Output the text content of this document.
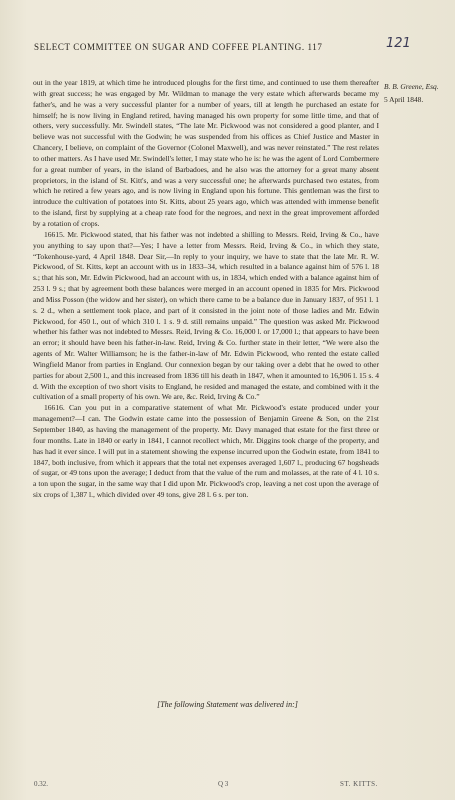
SELECT COMMITTEE ON SUGAR AND COFFEE PLANTING. 117	121
B. B. Greene, Esq.
5 April 1848.

out in the year 1819, at which time he introduced ploughs for the first time, and continued to use them thereafter with great success; he was engaged by Mr. Wildman to manage the very estate which afterwards became my father's, and he was a very successful planter for a number of years, till at length he purchased an estate for himself; he is now living in England retired, having managed his own property for some little time, and that of others, very successfully. Mr. Swindell states, “The late Mr. Pickwood was not considered a good planter, and I believe was not successful with the Godwin; he was suspended from his offices as Chief Justice and Master in Chancery, I believe, on complaint of the Governor (Colonel Maxwell), and was never reinstated.” The rest relates to other matters. As I have used Mr. Swindell's letter, I may state who he is: he was the agent of Lord Combermere for a great number of years, in the island of Barbadoes, and he also was the attorney for a great many absent proprietors, in the island of St. Kitt's, and was a very successful one; he afterwards purchased two estates, from which he retired a few years ago, and is now living in England upon his fortune. This gentleman was the first to introduce the cultivation of potatoes into St. Kitts, about 25 years ago, which was attended with immense benefit to the island, first by supplying at a cheap rate food for the negroes, and next in the great improvement afforded by a rotation of crops.

16615. Mr. Pickwood stated, that his father was not indebted a shilling to Messrs. Reid, Irving & Co., have you anything to say upon that?—Yes; I have a letter from Messrs. Reid, Irving & Co., in which they state, “Tokenhouse-yard, 4 April 1848. Dear Sir,—In reply to your inquiry, we have to state that the late Mr. R. W. Pickwood, of St. Kitts, kept an account with us in 1833–34, which resulted in a balance against him of 576 l. 18 s.; that his son, Mr. Edwin Pickwood, had an account with us, in 1834, which ended with a balance against him of 253 l. 9 s.; that by agreement both these balances were merged in an account opened in 1835 for Mrs. Pickwood and Miss Posson (the widow and her sister), on which there came to be a balance due in January 1837, of 951 l. 1 s. 2 d., when a settlement took place, and part of it consisted in the joint note of those ladies and Mr. Edwin Pickwood, for 450 l., out of which 310 l. 1 s. 9 d. still remains unpaid.” The question was asked Mr. Pickwood whether his father was not indebted to Messrs. Reid, Irving & Co. 16,000 l. or 17,000 l.; that appears to have been an error; it should have been his father-in-law. Reid, Irving & Co. further state in their letter, “We were also the agents of Mr. Walter Williamson; he is the father-in-law of Mr. Edwin Pickwood, who rented the estate called Wingfield Manor from parties in England. Our connexion began by our taking over a debt that he owed to other parties for about 2,500 l., and this increased from 1836 till his death in 1847, when it amounted to 16,906 l. 15 s. 4 d. With the exception of two short visits to England, he resided and managed the estate, and combined with it the cultivation of a small property of his own. We are, &c. Reid, Irving & Co.”

16616. Can you put in a comparative statement of what Mr. Pickwood's estate produced under your management?—I can. The Godwin estate came into the possession of Benjamin Greene & Son, on the 21st September 1840, as having the management of the property. Mr. Davy managed that estate for the first three or four months. Late in 1840 or early in 1841, I cannot recollect which, Mr. Diggins took charge of the property, and has had it ever since. I will put in a statement showing the expense incurred upon the Godwin estate, from 1841 to 1847, both inclusive, from which it appears that the total net expenses averaged 1,607 l., producing 67 hogsheads of sugar, or 49 tons upon the average; I deduct from that the value of the rum and molasses, at the rate of 4 l. 10 s. a ton upon the sugar, in the same way that I did upon Mr. Pickwood's crop, leaving a net cost upon the average of six crops of 1,387 l., which divided over 49 tons, give 28 l. 6 s. per ton.

[The following Statement was delivered in:]
0.32.	Q 3	ST. KITTS.
